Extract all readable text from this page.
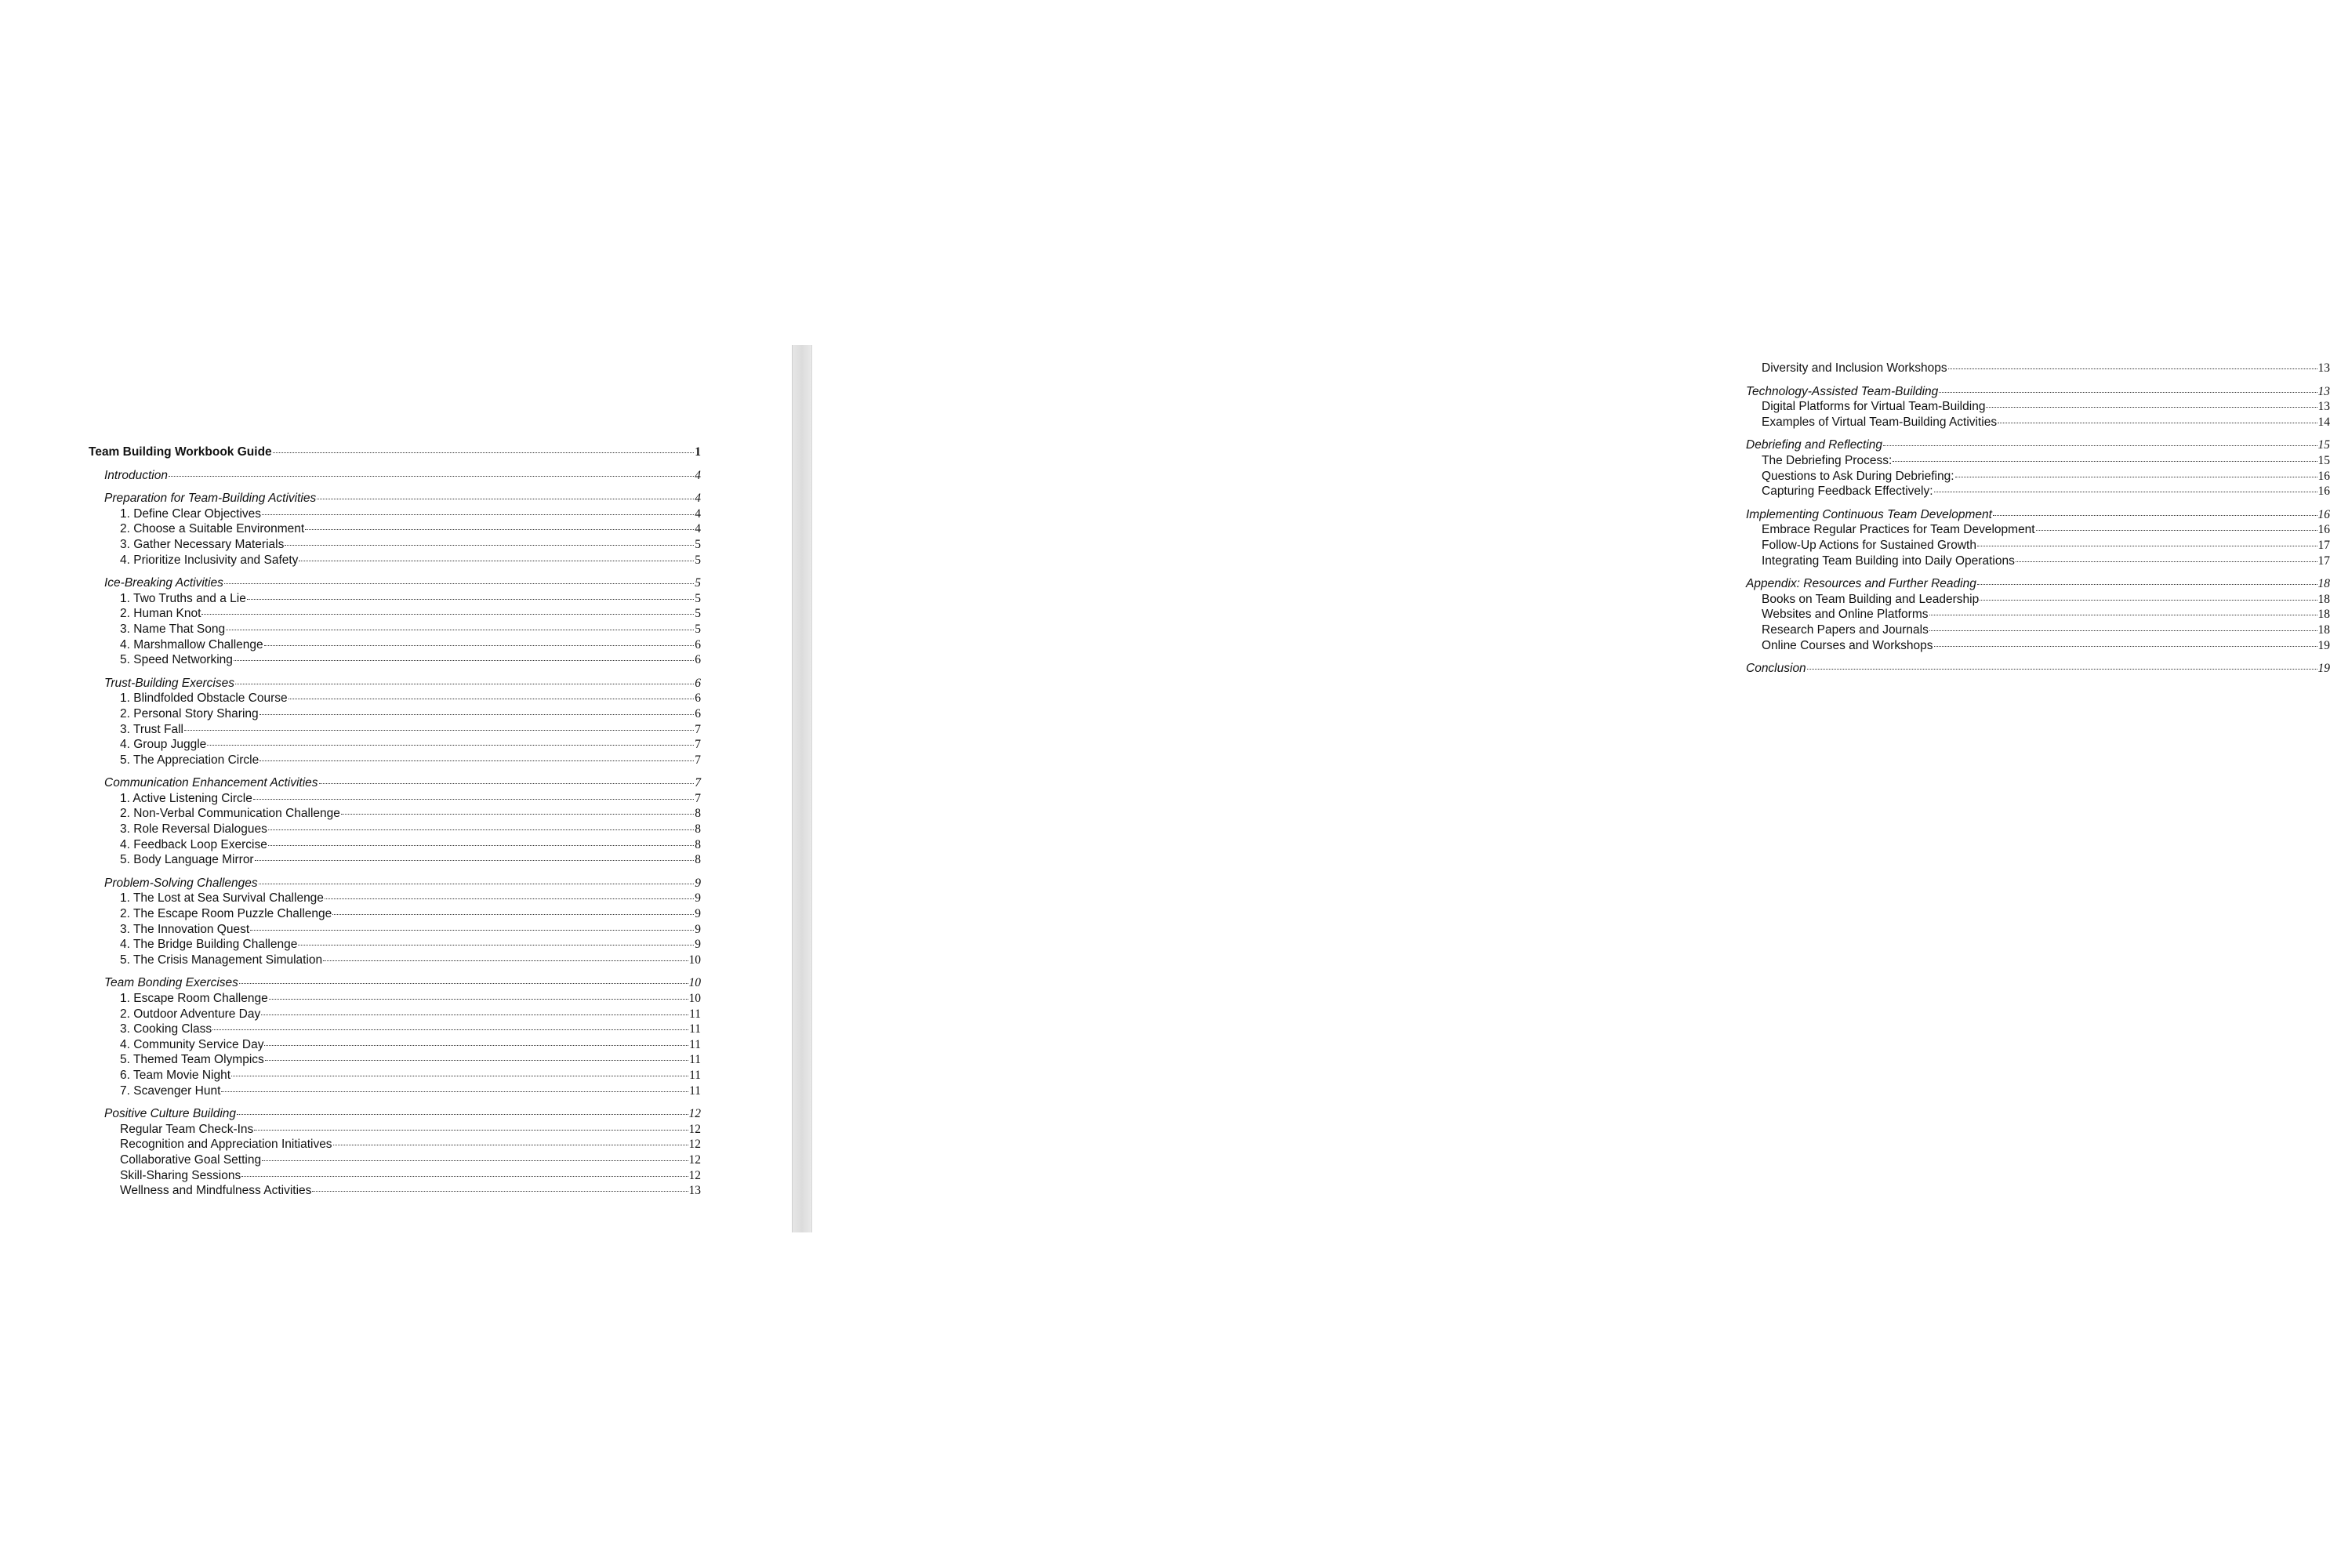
Team Building Workbook Guide	1
Introduction	4
Preparation for Team-Building Activities	4
1. Define Clear Objectives	4
2. Choose a Suitable Environment	4
3. Gather Necessary Materials	5
4. Prioritize Inclusivity and Safety	5
Ice-Breaking Activities	5
1. Two Truths and a Lie	5
2. Human Knot	5
3. Name That Song	5
4. Marshmallow Challenge	6
5. Speed Networking	6
Trust-Building Exercises	6
1. Blindfolded Obstacle Course	6
2. Personal Story Sharing	6
3. Trust Fall	7
4. Group Juggle	7
5. The Appreciation Circle	7
Communication Enhancement Activities	7
1. Active Listening Circle	7
2. Non-Verbal Communication Challenge	8
3. Role Reversal Dialogues	8
4. Feedback Loop Exercise	8
5. Body Language Mirror	8
Problem-Solving Challenges	9
1. The Lost at Sea Survival Challenge	9
2. The Escape Room Puzzle Challenge	9
3. The Innovation Quest	9
4. The Bridge Building Challenge	9
5. The Crisis Management Simulation	10
Team Bonding Exercises	10
1. Escape Room Challenge	10
2. Outdoor Adventure Day	11
3. Cooking Class	11
4. Community Service Day	11
5. Themed Team Olympics	11
6. Team Movie Night	11
7. Scavenger Hunt	11
Positive Culture Building	12
Regular Team Check-Ins	12
Recognition and Appreciation Initiatives	12
Collaborative Goal Setting	12
Skill-Sharing Sessions	12
Wellness and Mindfulness Activities	13
Diversity and Inclusion Workshops	13
Technology-Assisted Team-Building	13
Digital Platforms for Virtual Team-Building	13
Examples of Virtual Team-Building Activities	14
Debriefing and Reflecting	15
The Debriefing Process:	15
Questions to Ask During Debriefing:	16
Capturing Feedback Effectively:	16
Implementing Continuous Team Development	16
Embrace Regular Practices for Team Development	16
Follow-Up Actions for Sustained Growth	17
Integrating Team Building into Daily Operations	17
Appendix: Resources and Further Reading	18
Books on Team Building and Leadership	18
Websites and Online Platforms	18
Research Papers and Journals	18
Online Courses and Workshops	19
Conclusion	19
